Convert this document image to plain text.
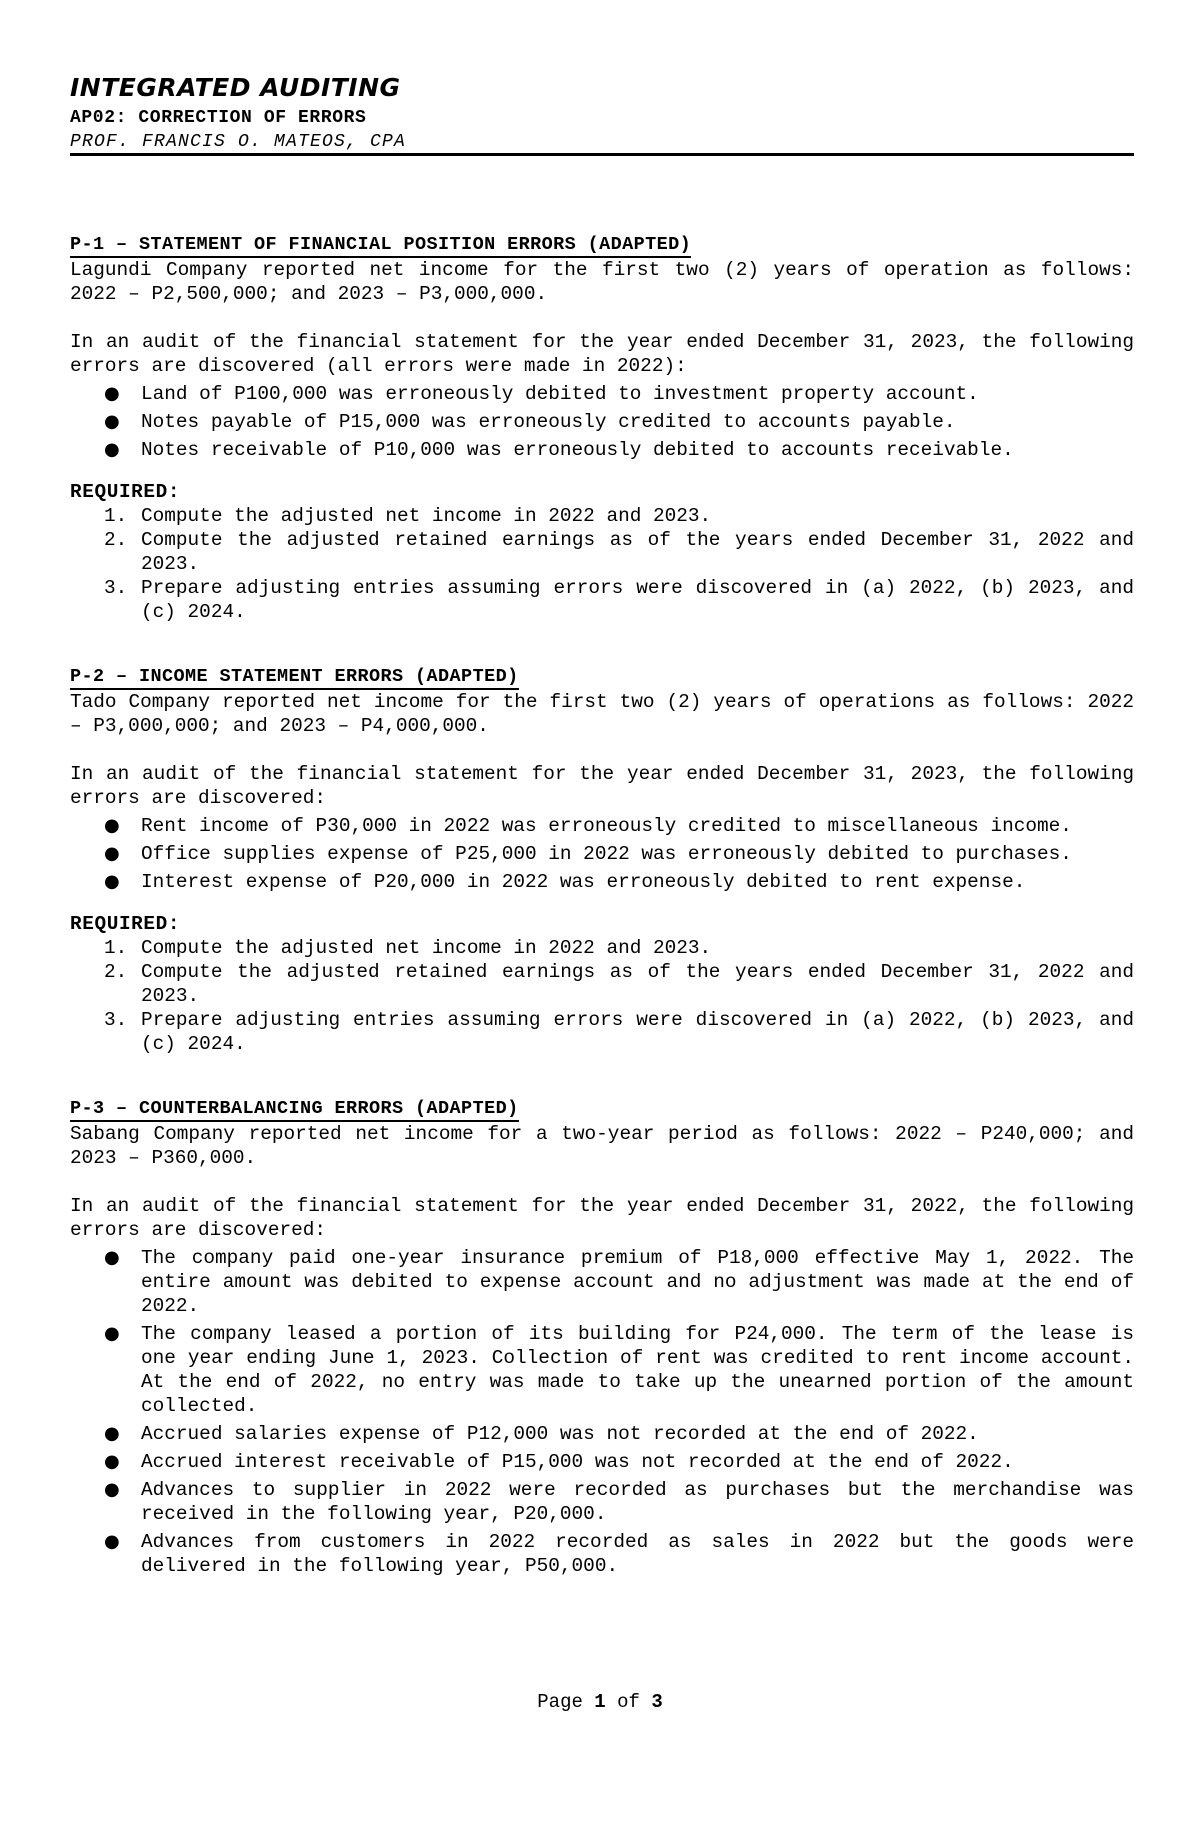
INTEGRATED AUDITING
AP02: CORRECTION OF ERRORS
PROF. FRANCIS O. MATEOS, CPA
P-1 – STATEMENT OF FINANCIAL POSITION ERRORS (ADAPTED)

Lagundi Company reported net income for the first two (2) years of operation as follows: 2022 – P2,500,000; and 2023 – P3,000,000.

In an audit of the financial statement for the year ended December 31, 2023, the following errors are discovered (all errors were made in 2022):

● Land of P100,000 was erroneously debited to investment property account.
● Notes payable of P15,000 was erroneously credited to accounts payable.
● Notes receivable of P10,000 was erroneously debited to accounts receivable.
REQUIRED:
1. Compute the adjusted net income in 2022 and 2023.
2. Compute the adjusted retained earnings as of the years ended December 31, 2022 and 2023.
3. Prepare adjusting entries assuming errors were discovered in (a) 2022, (b) 2023, and (c) 2024.
P-2 – INCOME STATEMENT ERRORS (ADAPTED)

Tado Company reported net income for the first two (2) years of operations as follows: 2022 – P3,000,000; and 2023 – P4,000,000.

In an audit of the financial statement for the year ended December 31, 2023, the following errors are discovered:

● Rent income of P30,000 in 2022 was erroneously credited to miscellaneous income.
● Office supplies expense of P25,000 in 2022 was erroneously debited to purchases.
● Interest expense of P20,000 in 2022 was erroneously debited to rent expense.
REQUIRED:
1. Compute the adjusted net income in 2022 and 2023.
2. Compute the adjusted retained earnings as of the years ended December 31, 2022 and 2023.
3. Prepare adjusting entries assuming errors were discovered in (a) 2022, (b) 2023, and (c) 2024.
P-3 – COUNTERBALANCING ERRORS (ADAPTED)

Sabang Company reported net income for a two-year period as follows: 2022 – P240,000; and 2023 – P360,000.

In an audit of the financial statement for the year ended December 31, 2022, the following errors are discovered:

● The company paid one-year insurance premium of P18,000 effective May 1, 2022. The entire amount was debited to expense account and no adjustment was made at the end of 2022.
● The company leased a portion of its building for P24,000. The term of the lease is one year ending June 1, 2023. Collection of rent was credited to rent income account. At the end of 2022, no entry was made to take up the unearned portion of the amount collected.
● Accrued salaries expense of P12,000 was not recorded at the end of 2022.
● Accrued interest receivable of P15,000 was not recorded at the end of 2022.
● Advances to supplier in 2022 were recorded as purchases but the merchandise was received in the following year, P20,000.
● Advances from customers in 2022 recorded as sales in 2022 but the goods were delivered in the following year, P50,000.
Page 1 of 3
